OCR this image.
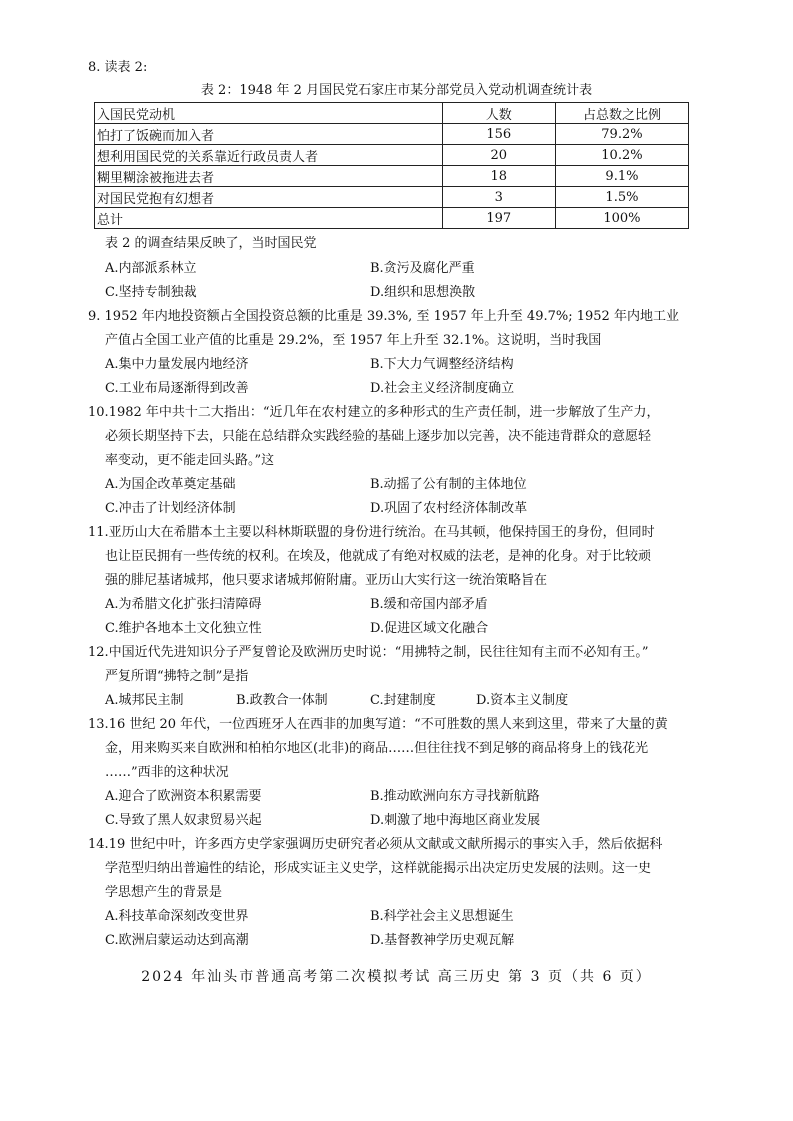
8. 读表 2:
表 2：1948 年 2 月国民党石家庄市某分部党员入党动机调查统计表
入国民党动机	人数	占总数之比例
怕打了饭碗而加入者	156	79.2%
想利用国民党的关系靠近行政员责人者	20	10.2%
糊里糊涂被拖进去者	18	9.1%
对国民党抱有幻想者	3	1.5%
总计	197	100%
表 2 的调查结果反映了，当时国民党
A.内部派系林立	B.贪污及腐化严重
C.坚持专制独裁	D.组织和思想涣散
9. 1952 年内地投资额占全国投资总额的比重是 39.3%, 至 1957 年上升至 49.7%; 1952 年内地工业
产值占全国工业产值的比重是 29.2%，至 1957 年上升至 32.1%。这说明，当时我国
A.集中力量发展内地经济	B.下大力气调整经济结构
C.工业布局逐渐得到改善	D.社会主义经济制度确立
10.1982 年中共十二大指出：“近几年在农村建立的多种形式的生产责任制，进一步解放了生产力，
必须长期坚持下去，只能在总结群众实践经验的基础上逐步加以完善，决不能违背群众的意愿轻
率变动，更不能走回头路。”这
A.为国企改革奠定基础	B.动摇了公有制的主体地位
C.冲击了计划经济体制	D.巩固了农村经济体制改革
11.亚历山大在希腊本土主要以科林斯联盟的身份进行统治。在马其顿，他保持国王的身份，但同时
也让臣民拥有一些传统的权利。在埃及，他就成了有绝对权威的法老，是神的化身。对于比较顽
强的腓尼基诸城邦，他只要求诸城邦俯附庸。亚历山大实行这一统治策略旨在
A.为希腊文化扩张扫清障碍	B.缓和帝国内部矛盾
C.维护各地本土文化独立性	D.促进区域文化融合
12.中国近代先进知识分子严复曾论及欧洲历史时说：“用拂特之制，民往往知有主而不必知有王。”
严复所谓“拂特之制”是指
A.城邦民主制	B.政教合一体制	C.封建制度	D.资本主义制度
13.16 世纪 20 年代，一位西班牙人在西非的加奥写道：“不可胜数的黑人来到这里，带来了大量的黄
金，用来购买来自欧洲和柏柏尔地区(北非)的商品……但往往找不到足够的商品将身上的钱花光
……”西非的这种状况
A.迎合了欧洲资本积累需要	B.推动欧洲向东方寻找新航路
C.导致了黑人奴隶贸易兴起	D.刺激了地中海地区商业发展
14.19 世纪中叶，许多西方史学家强调历史研究者必须从文献或文献所揭示的事实入手，然后依据科
学范型归纳出普遍性的结论，形成实证主义史学，这样就能揭示出决定历史发展的法则。这一史
学思想产生的背景是
A.科技革命深刻改变世界	B.科学社会主义思想诞生
C.欧洲启蒙运动达到高潮	D.基督教神学历史观瓦解
2024 年汕头市普通高考第二次模拟考试 高三历史 第 3 页（共 6 页）
